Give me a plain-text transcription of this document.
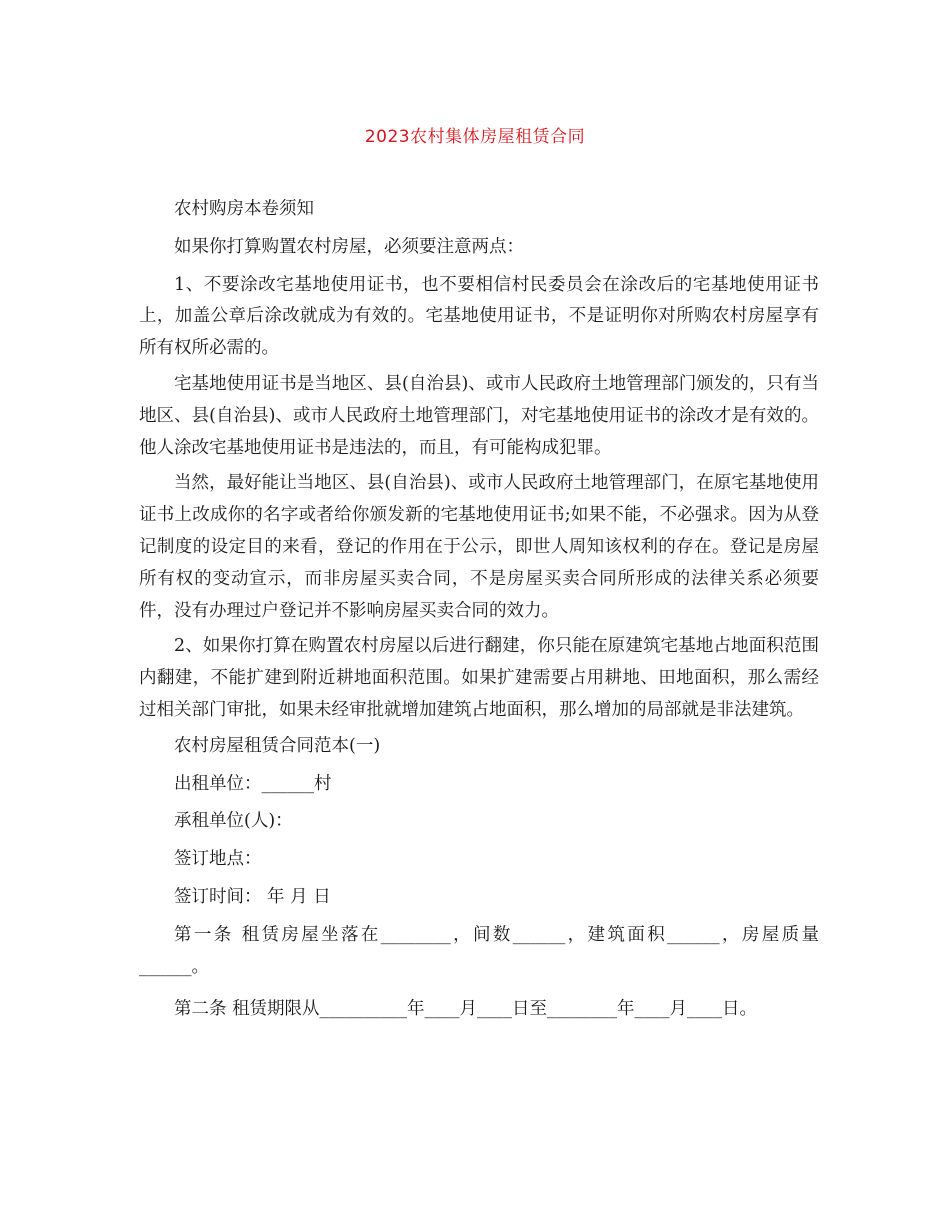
2023农村集体房屋租赁合同

农村购房本卷须知

如果你打算购置农村房屋，必须要注意两点：

1、不要涂改宅基地使用证书，也不要相信村民委员会在涂改后的宅基地使用证书上，加盖公章后涂改就成为有效的。宅基地使用证书，不是证明你对所购农村房屋享有所有权所必需的。

宅基地使用证书是当地区、县(自治县)、或市人民政府土地管理部门颁发的，只有当地区、县(自治县)、或市人民政府土地管理部门，对宅基地使用证书的涂改才是有效的。他人涂改宅基地使用证书是违法的，而且，有可能构成犯罪。

当然，最好能让当地区、县(自治县)、或市人民政府土地管理部门，在原宅基地使用证书上改成你的名字或者给你颁发新的宅基地使用证书;如果不能，不必强求。因为从登记制度的设定目的来看，登记的作用在于公示，即世人周知该权利的存在。登记是房屋所有权的变动宣示，而非房屋买卖合同，不是房屋买卖合同所形成的法律关系必须要件，没有办理过户登记并不影响房屋买卖合同的效力。

2、如果你打算在购置农村房屋以后进行翻建，你只能在原建筑宅基地占地面积范围内翻建，不能扩建到附近耕地面积范围。如果扩建需要占用耕地、田地面积，那么需经过相关部门审批，如果未经审批就增加建筑占地面积，那么增加的局部就是非法建筑。

农村房屋租赁合同范本(一)

出租单位：______村

承租单位(人)：

签订地点：

签订时间： 年 月 日

第一条 租赁房屋坐落在________，间数______，建筑面积______，房屋质量______。

第二条 租赁期限从__________年____月____日至________年____月____日。
